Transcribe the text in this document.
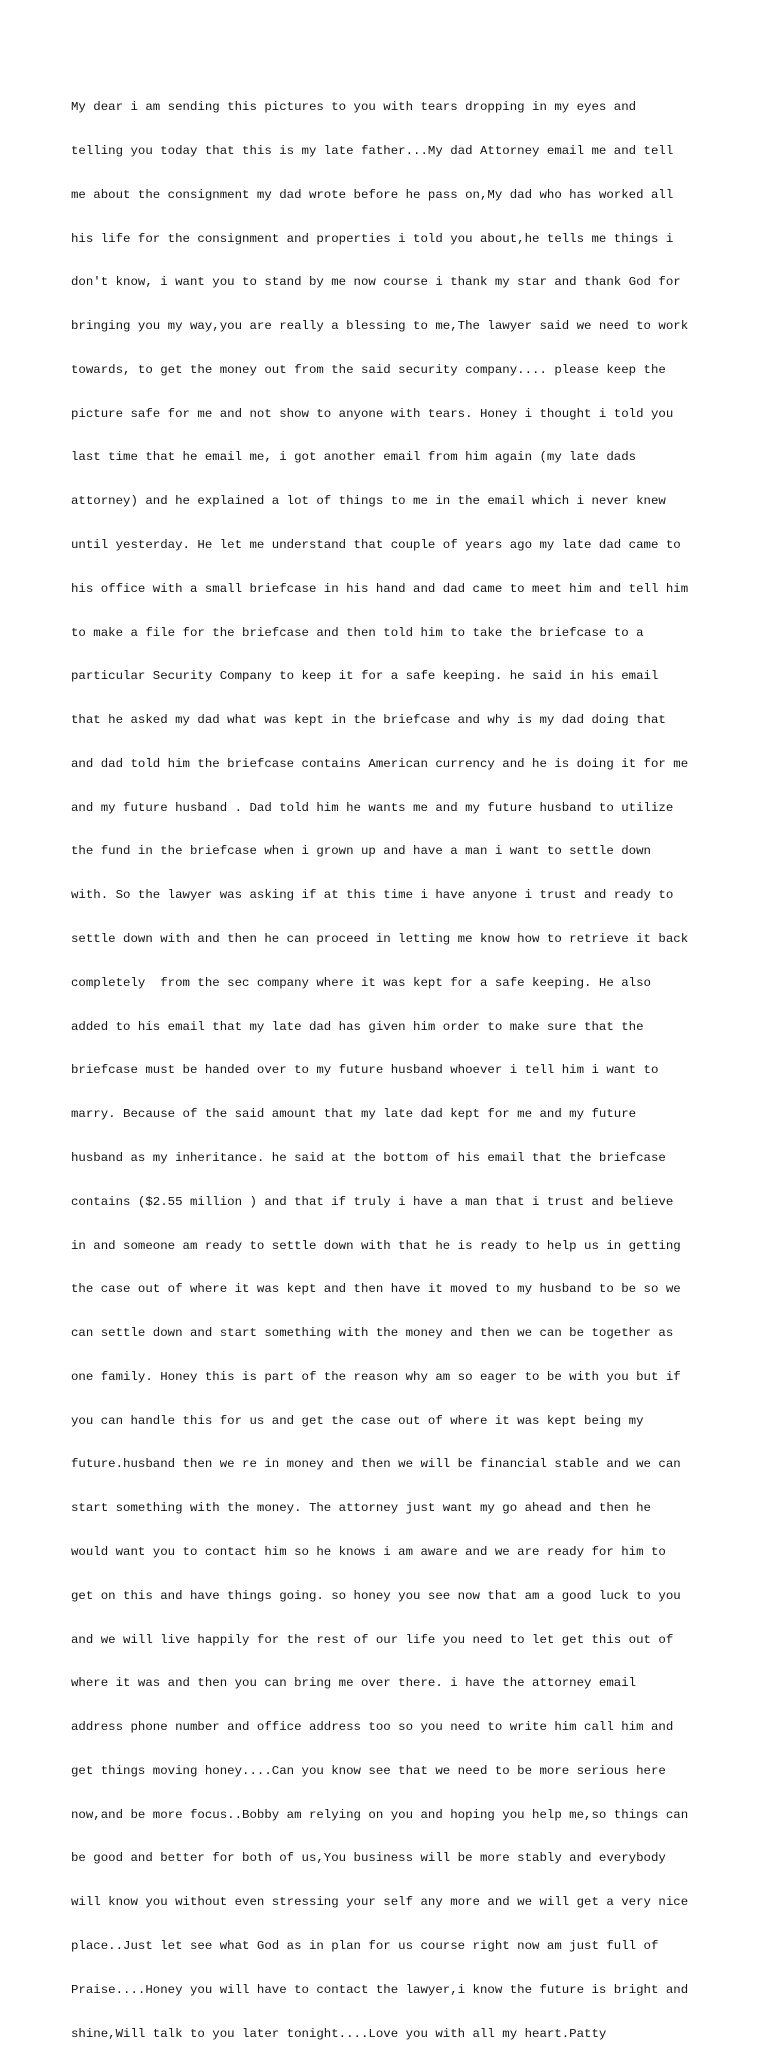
My dear i am sending this pictures to you with tears dropping in my eyes and

telling you today that this is my late father...My dad Attorney email me and tell

me about the consignment my dad wrote before he pass on,My dad who has worked all

his life for the consignment and properties i told you about,he tells me things i

don't know, i want you to stand by me now course i thank my star and thank God for

bringing you my way,you are really a blessing to me,The lawyer said we need to work

towards, to get the money out from the said security company.... please keep the

picture safe for me and not show to anyone with tears. Honey i thought i told you

last time that he email me, i got another email from him again (my late dads

attorney) and he explained a lot of things to me in the email which i never knew

until yesterday. He let me understand that couple of years ago my late dad came to

his office with a small briefcase in his hand and dad came to meet him and tell him

to make a file for the briefcase and then told him to take the briefcase to a

particular Security Company to keep it for a safe keeping. he said in his email

that he asked my dad what was kept in the briefcase and why is my dad doing that

and dad told him the briefcase contains American currency and he is doing it for me

and my future husband . Dad told him he wants me and my future husband to utilize

the fund in the briefcase when i grown up and have a man i want to settle down

with. So the lawyer was asking if at this time i have anyone i trust and ready to

settle down with and then he can proceed in letting me know how to retrieve it back

completely  from the sec company where it was kept for a safe keeping. He also

added to his email that my late dad has given him order to make sure that the

briefcase must be handed over to my future husband whoever i tell him i want to

marry. Because of the said amount that my late dad kept for me and my future

husband as my inheritance. he said at the bottom of his email that the briefcase

contains ($2.55 million ) and that if truly i have a man that i trust and believe

in and someone am ready to settle down with that he is ready to help us in getting

the case out of where it was kept and then have it moved to my husband to be so we

can settle down and start something with the money and then we can be together as

one family. Honey this is part of the reason why am so eager to be with you but if

you can handle this for us and get the case out of where it was kept being my

future.husband then we re in money and then we will be financial stable and we can

start something with the money. The attorney just want my go ahead and then he

would want you to contact him so he knows i am aware and we are ready for him to

get on this and have things going. so honey you see now that am a good luck to you

and we will live happily for the rest of our life you need to let get this out of

where it was and then you can bring me over there. i have the attorney email

address phone number and office address too so you need to write him call him and

get things moving honey....Can you know see that we need to be more serious here

now,and be more focus..Bobby am relying on you and hoping you help me,so things can

be good and better for both of us,You business will be more stably and everybody

will know you without even stressing your self any more and we will get a very nice

place..Just let see what God as in plan for us course right now am just full of

Praise....Honey you will have to contact the lawyer,i know the future is bright and

shine,Will talk to you later tonight....Love you with all my heart.Patty
